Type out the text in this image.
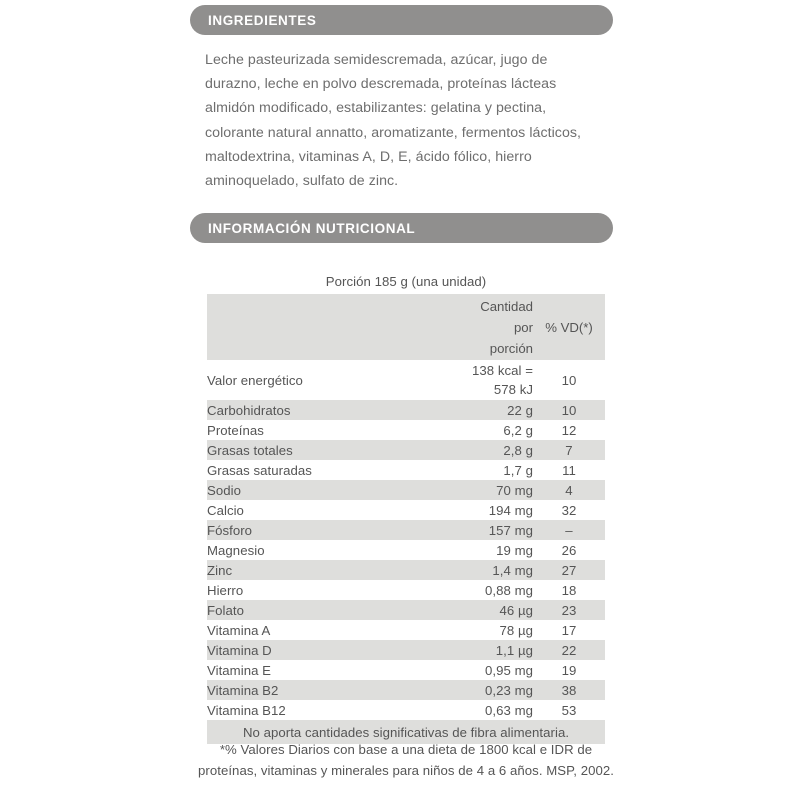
INGREDIENTES
Leche pasteurizada semidescremada, azúcar, jugo de durazno, leche en polvo descremada, proteínas lácteas almidón modificado, estabilizantes: gelatina y pectina, colorante natural annatto, aromatizante, fermentos lácticos, maltodextrina, vitaminas A, D, E, ácido fólico, hierro aminoquelado, sulfato de zinc.
INFORMACIÓN NUTRICIONAL
Porción 185 g (una unidad)

	Cantidad
por
porción	% VD(*)
Valor energético	138 kcal =
578 kJ	10
Carbohidratos	22 g	10
Proteínas	6,2 g	12
Grasas totales	2,8 g	7
Grasas saturadas	1,7 g	11
Sodio	70 mg	4
Calcio	194 mg	32
Fósforo	157 mg	–
Magnesio	19 mg	26
Zinc	1,4 mg	27
Hierro	0,88 mg	18
Folato	46 µg	23
Vitamina A	78 µg	17
Vitamina D	1,1 µg	22
Vitamina E	0,95 mg	19
Vitamina B2	0,23 mg	38
Vitamina B12	0,63 mg	53
No aporta cantidades significativas de fibra alimentaria.		
*% Valores Diarios con base a una dieta de 1800 kcal e IDR de proteínas, vitaminas y minerales para niños de 4 a 6 años. MSP, 2002.
